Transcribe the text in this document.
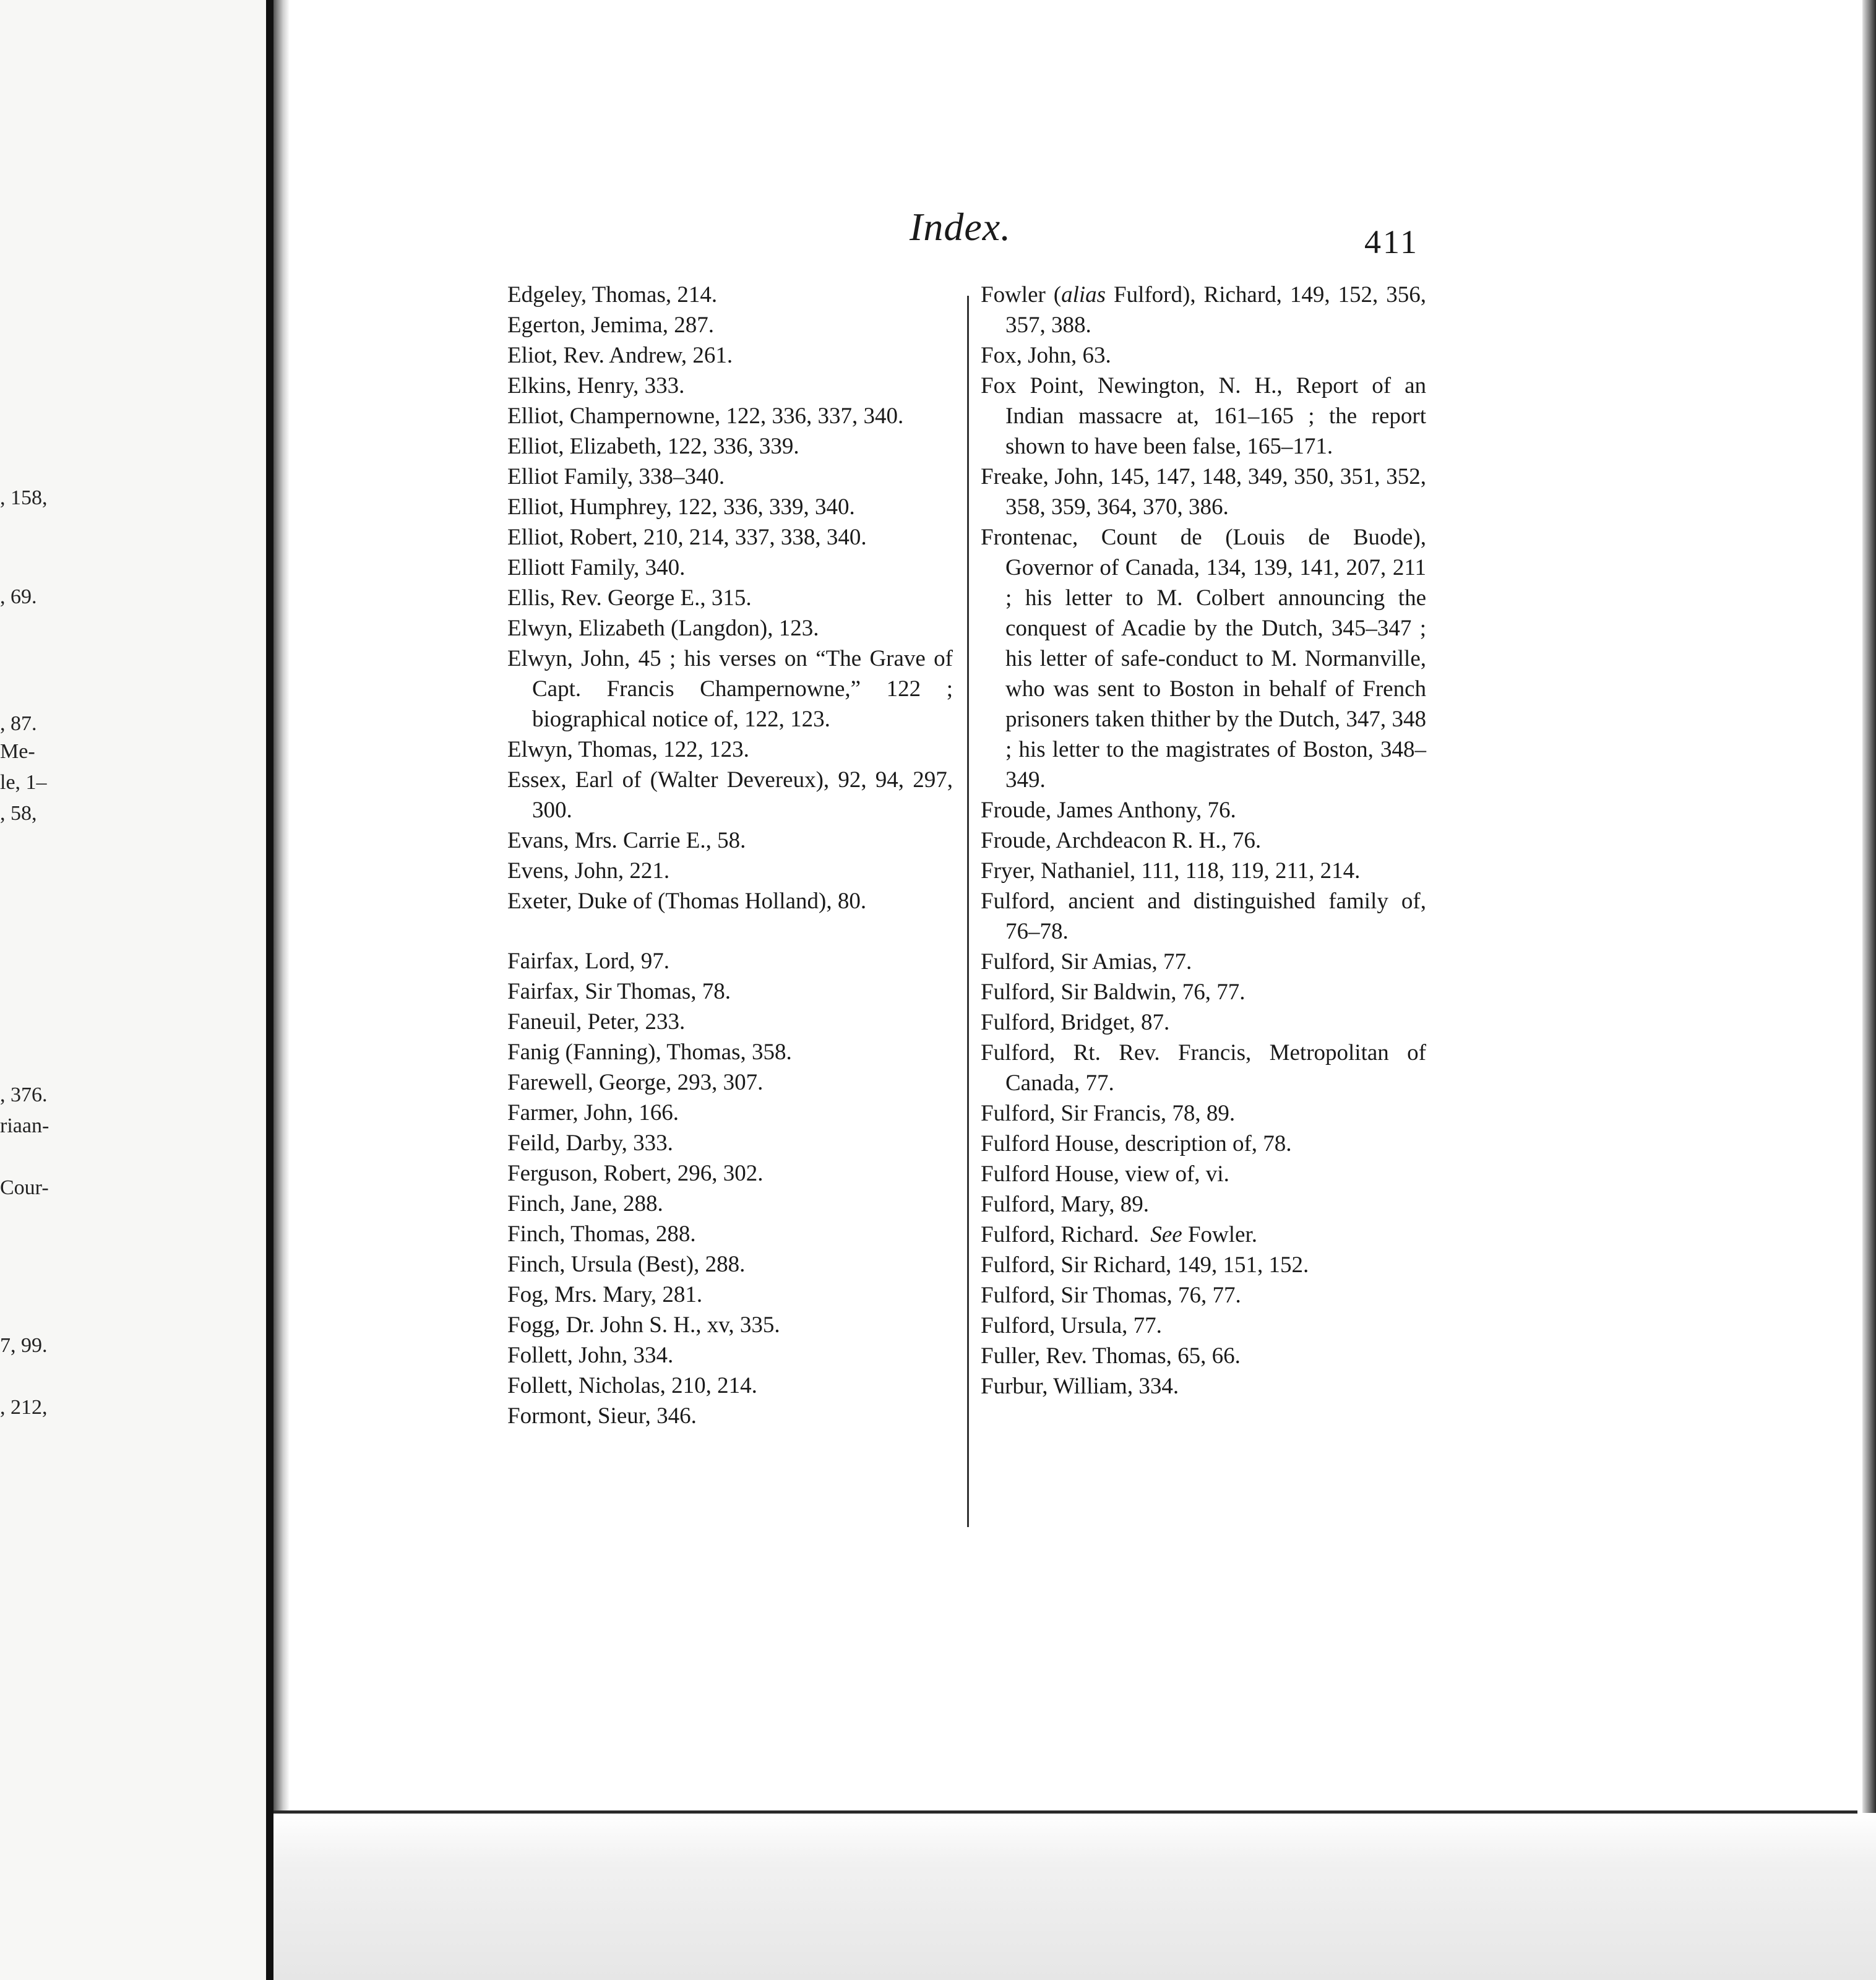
, 158,
, 69.
, 87.
Me-
le, 1–
, 58,
, 376.
riaan-
Cour-
7, 99.
, 212,
Index.	411
Edgeley, Thomas, 214.
Egerton, Jemima, 287.
Eliot, Rev. Andrew, 261.
Elkins, Henry, 333.
Elliot, Champernowne, 122, 336, 337, 340.
Elliot, Elizabeth, 122, 336, 339.
Elliot Family, 338–340.
Elliot, Humphrey, 122, 336, 339, 340.
Elliot, Robert, 210, 214, 337, 338, 340.
Elliott Family, 340.
Ellis, Rev. George E., 315.
Elwyn, Elizabeth (Langdon), 123.
Elwyn, John, 45 ; his verses on “The Grave of Capt. Francis Champernowne,” 122 ; biographical notice of, 122, 123.
Elwyn, Thomas, 122, 123.
Essex, Earl of (Walter Devereux), 92, 94, 297, 300.
Evans, Mrs. Carrie E., 58.
Evens, John, 221.
Exeter, Duke of (Thomas Holland), 80.
Fairfax, Lord, 97.
Fairfax, Sir Thomas, 78.
Faneuil, Peter, 233.
Fanig (Fanning), Thomas, 358.
Farewell, George, 293, 307.
Farmer, John, 166.
Feild, Darby, 333.
Ferguson, Robert, 296, 302.
Finch, Jane, 288.
Finch, Thomas, 288.
Finch, Ursula (Best), 288.
Fog, Mrs. Mary, 281.
Fogg, Dr. John S. H., xv, 335.
Follett, John, 334.
Follett, Nicholas, 210, 214.
Formont, Sieur, 346.
Fowler (alias Fulford), Richard, 149, 152, 356, 357, 388.
Fox, John, 63.
Fox Point, Newington, N. H., Report of an Indian massacre at, 161–165 ; the report shown to have been false, 165–171.
Freake, John, 145, 147, 148, 349, 350, 351, 352, 358, 359, 364, 370, 386.
Frontenac, Count de (Louis de Buode), Governor of Canada, 134, 139, 141, 207, 211 ; his letter to M. Colbert announcing the conquest of Acadie by the Dutch, 345–347 ; his letter of safe-conduct to M. Normanville, who was sent to Boston in behalf of French prisoners taken thither by the Dutch, 347, 348 ; his letter to the magistrates of Boston, 348–349.
Froude, James Anthony, 76.
Froude, Archdeacon R. H., 76.
Fryer, Nathaniel, 111, 118, 119, 211, 214.
Fulford, ancient and distinguished family of, 76–78.
Fulford, Sir Amias, 77.
Fulford, Sir Baldwin, 76, 77.
Fulford, Bridget, 87.
Fulford, Rt. Rev. Francis, Metropolitan of Canada, 77.
Fulford, Sir Francis, 78, 89.
Fulford House, description of, 78.
Fulford House, view of, vi.
Fulford, Mary, 89.
Fulford, Richard.  See Fowler.
Fulford, Sir Richard, 149, 151, 152.
Fulford, Sir Thomas, 76, 77.
Fulford, Ursula, 77.
Fuller, Rev. Thomas, 65, 66.
Furbur, William, 334.
